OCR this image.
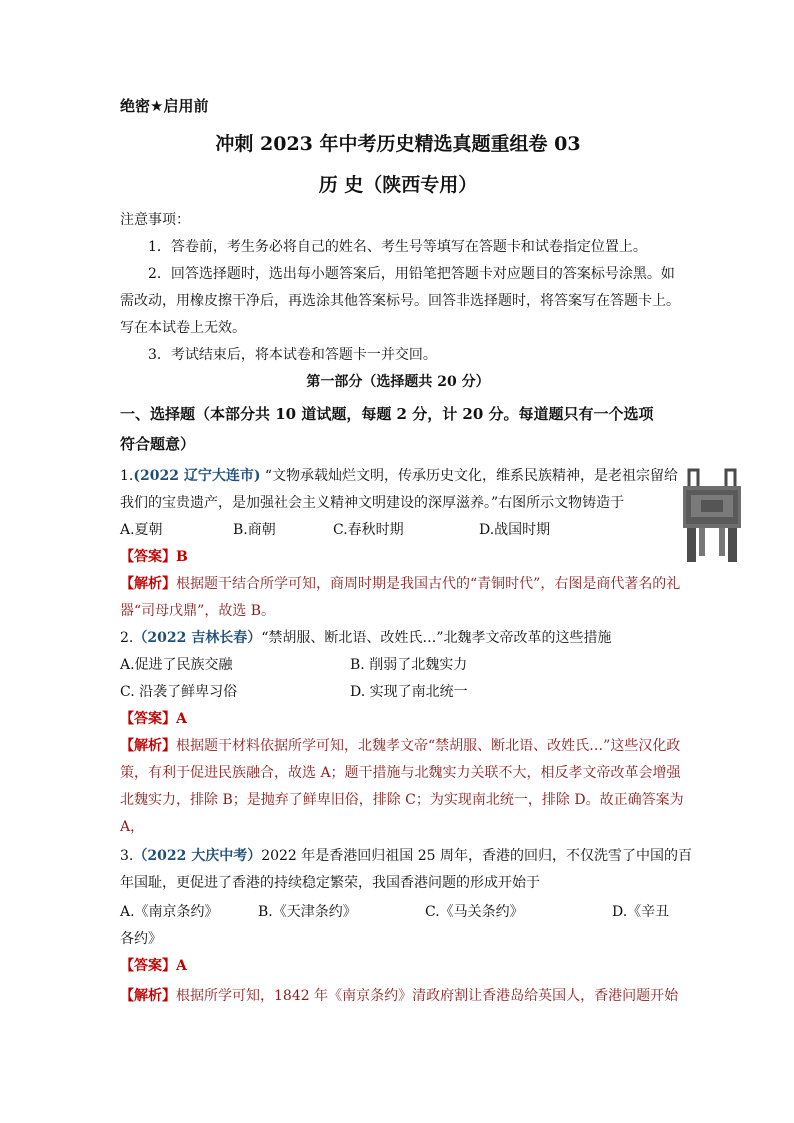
绝密★启用前
冲刺 2023 年中考历史精选真题重组卷 03
历 史（陕西专用）
注意事项：
1．答卷前，考生务必将自己的姓名、考生号等填写在答题卡和试卷指定位置上。
2．回答选择题时，选出每小题答案后，用铅笔把答题卡对应题目的答案标号涂黑。如
需改动，用橡皮擦干净后，再选涂其他答案标号。回答非选择题时，将答案写在答题卡上。
写在本试卷上无效。
3．考试结束后，将本试卷和答题卡一并交回。
第一部分（选择题共 20 分）
一、选择题（本部分共 10 道试题，每题 2 分，计 20 分。每道题只有一个选项
符合题意）
1.(2022 辽宁大连市) “文物承载灿烂文明，传承历史文化，维系民族精神，是老祖宗留给
我们的宝贵遗产，是加强社会主义精神文明建设的深厚滋养。”右图所示文物铸造于
A.夏朝	B.商朝	C.春秋时期	D.战国时期
【答案】B
【解析】根据题干结合所学可知，商周时期是我国古代的“青铜时代”，右图是商代著名的礼
器“司母戊鼎”，故选 B。
2.（2022 吉林长春）“禁胡服、断北语、改姓氏…”北魏孝文帝改革的这些措施
A.促进了民族交融	B. 削弱了北魏实力
C. 沿袭了鲜卑习俗	D. 实现了南北统一
【答案】A
【解析】根据题干材料依据所学可知，北魏孝文帝“禁胡服、断北语、改姓氏…”这些汉化政
策，有利于促进民族融合，故选 A；题干措施与北魏实力关联不大，相反孝文帝改革会增强
北魏实力，排除 B；是抛弃了鲜卑旧俗，排除 C；为实现南北统一，排除 D。故正确答案为
A，
3.（2022 大庆中考）2022 年是香港回归祖国 25 周年，香港的回归，不仅洗雪了中国的百
年国耻，更促进了香港的持续稳定繁荣，我国香港问题的形成开始于
A.《南京条约》	B.《天津条约》	C.《马关条约》	D.《辛丑
各约》
【答案】A
【解析】根据所学可知，1842 年《南京条约》清政府割让香港岛给英国人，香港问题开始
